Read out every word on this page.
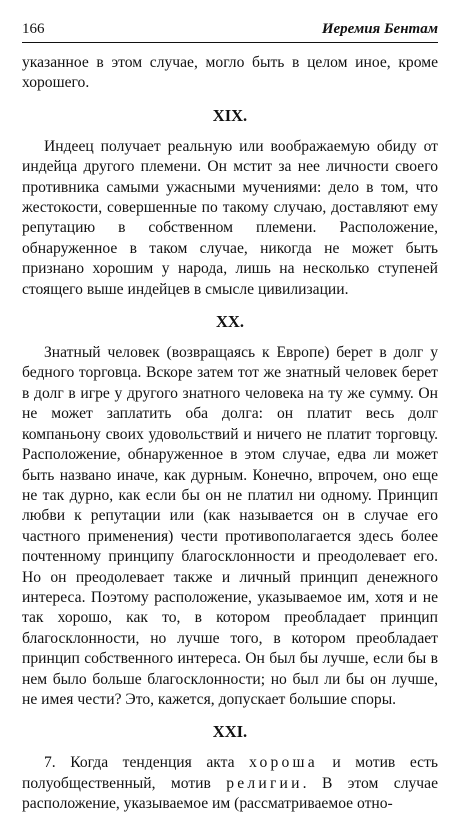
166	Иеремия Бентам

указанное в этом случае, могло быть в целом иное, кроме хорошего.

XIX.

Индеец получает реальную или воображаемую обиду от индейца другого племени. Он мстит за нее личности своего противника самыми ужасными мучениями: дело в том, что жестокости, совершенные по такому случаю, доставляют ему репутацию в собственном племени. Расположение, обнаруженное в таком случае, никогда не может быть признано хорошим у народа, лишь на несколько ступеней стоящего выше индейцев в смысле цивилизации.

XX.

Знатный человек (возвращаясь к Европе) берет в долг у бедного торговца. Вскоре затем тот же знатный человек берет в долг в игре у другого знатного человека на ту же сумму. Он не может заплатить оба долга: он платит весь долг компаньону своих удовольствий и ничего не платит торговцу. Расположение, обнаруженное в этом случае, едва ли может быть названо иначе, как дурным. Конечно, впрочем, оно еще не так дурно, как если бы он не платил ни одному. Принцип любви к репутации или (как называется он в случае его частного применения) чести противополагается здесь более почтенному принципу благосклонности и преодолевает его. Но он преодолевает также и личный принцип денежного интереса. Поэтому расположение, указываемое им, хотя и не так хорошо, как то, в котором преобладает принцип благосклонности, но лучше того, в котором преобладает принцип собственного интереса. Он был бы лучше, если бы в нем было больше благосклонности; но был ли бы он лучше, не имея чести? Это, кажется, допускает большие споры.

XXI.

7. Когда тенденция акта хороша и мотив есть полуобщественный, мотив религии. В этом случае расположение, указываемое им (рассматриваемое отно-
